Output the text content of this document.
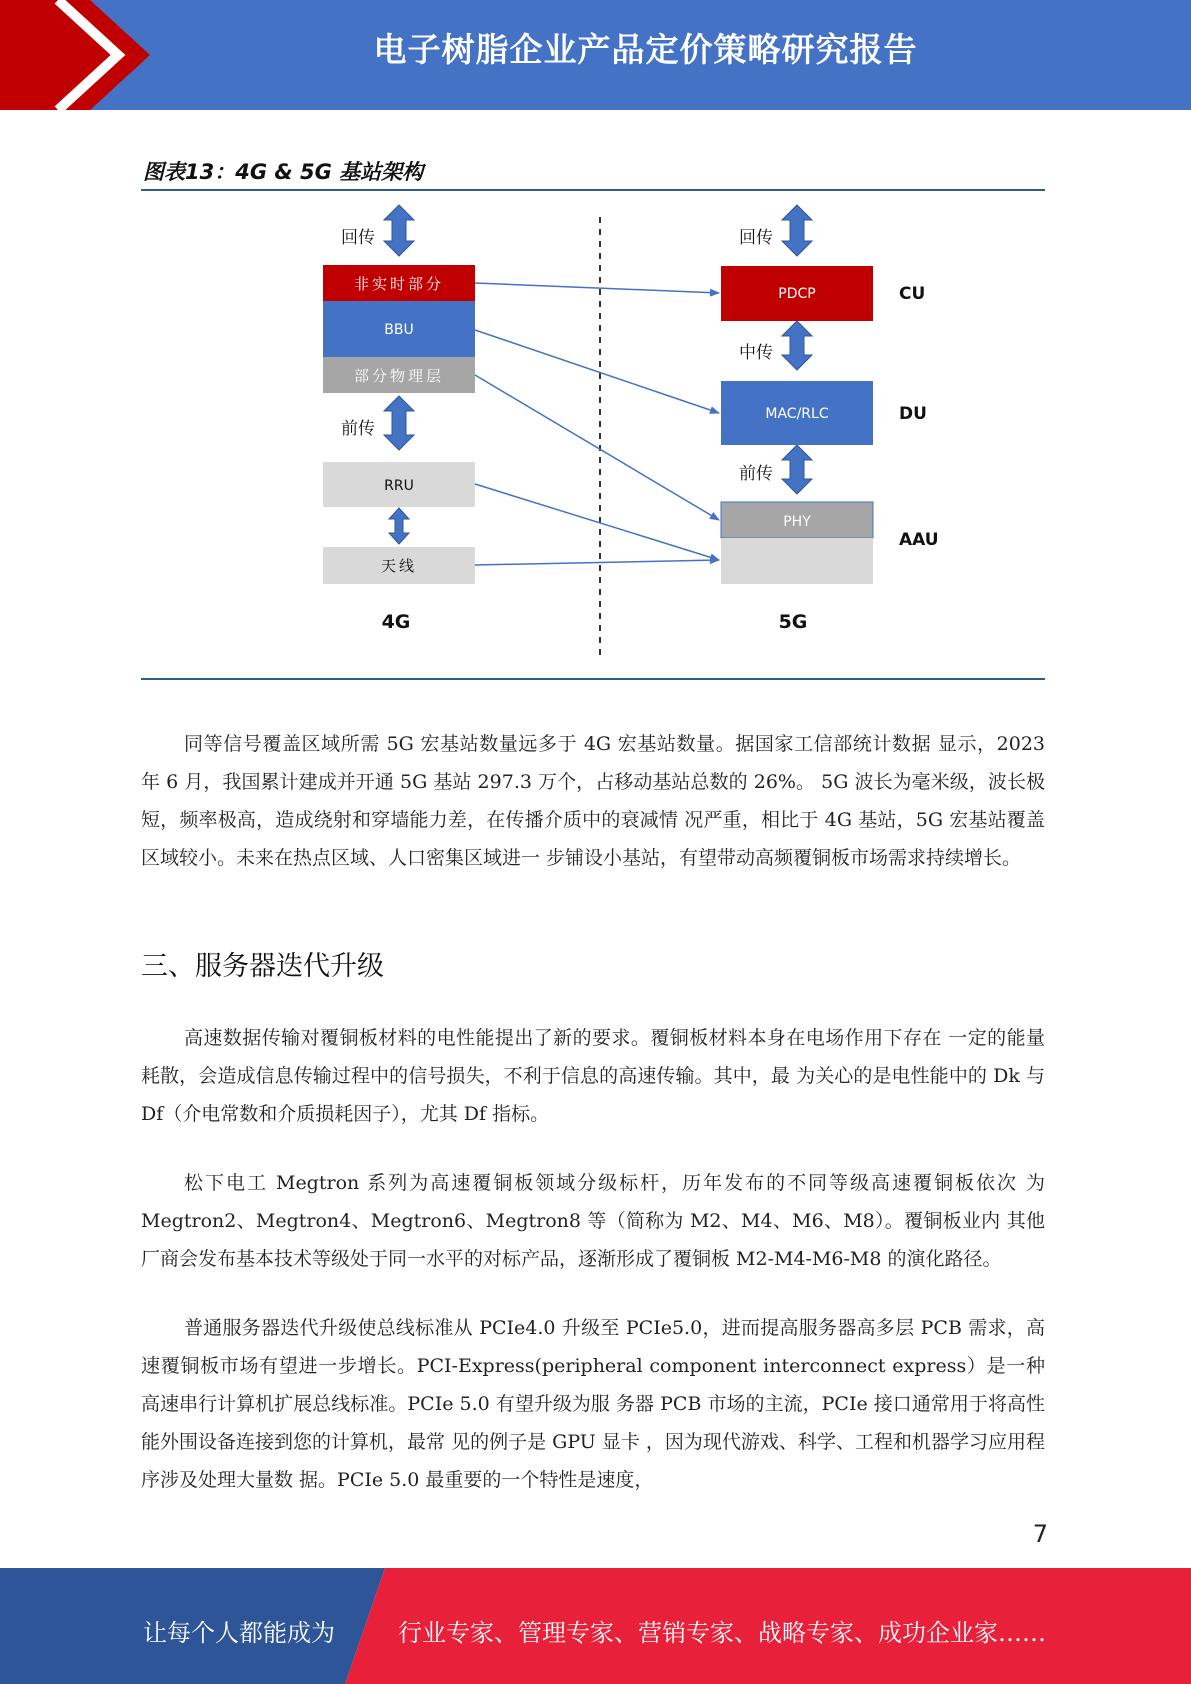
电子树脂企业产品定价策略研究报告
图表13：4G & 5G 基站架构
回传
非实时部分
BBU
部分物理层
前传
RRU
天线
4G
回传
PDCP	CU
中传
MAC/RLC	DU
前传
PHY
AAU
5G
同等信号覆盖区域所需 5G 宏基站数量远多于 4G 宏基站数量。据国家工信部统计数据 显示，2023 年 6 月，我国累计建成并开通 5G 基站 297.3 万个，占移动基站总数的 26%。 5G 波长为毫米级，波长极短，频率极高，造成绕射和穿墙能力差，在传播介质中的衰减情 况严重，相比于 4G 基站，5G 宏基站覆盖区域较小。未来在热点区域、人口密集区域进一 步铺设小基站，有望带动高频覆铜板市场需求持续增长。
三、服务器迭代升级
高速数据传输对覆铜板材料的电性能提出了新的要求。覆铜板材料本身在电场作用下存在 一定的能量耗散，会造成信息传输过程中的信号损失，不利于信息的高速传输。其中，最 为关心的是电性能中的 Dk 与 Df（介电常数和介质损耗因子），尤其 Df 指标。
松下电工 Megtron 系列为高速覆铜板领域分级标杆，历年发布的不同等级高速覆铜板依次 为 Megtron2、Megtron4、Megtron6、Megtron8 等（简称为 M2、M4、M6、M8）。覆铜板业内 其他厂商会发布基本技术等级处于同一水平的对标产品，逐渐形成了覆铜板 M2-M4-M6-M8 的演化路径。
普通服务器迭代升级使总线标准从 PCIe4.0 升级至 PCIe5.0，进而提高服务器高多层 PCB 需求，高速覆铜板市场有望进一步增长。PCI-Express(peripheral component interconnect express）是一种高速串行计算机扩展总线标准。PCIe 5.0 有望升级为服 务器 PCB 市场的主流，PCIe 接口通常用于将高性能外围设备连接到您的计算机，最常 见的例子是 GPU 显卡 ，因为现代游戏、科学、工程和机器学习应用程序涉及处理大量数 据。PCIe 5.0 最重要的一个特性是速度，
7
让每个人都能成为	行业专家、管理专家、营销专家、战略专家、成功企业家……
